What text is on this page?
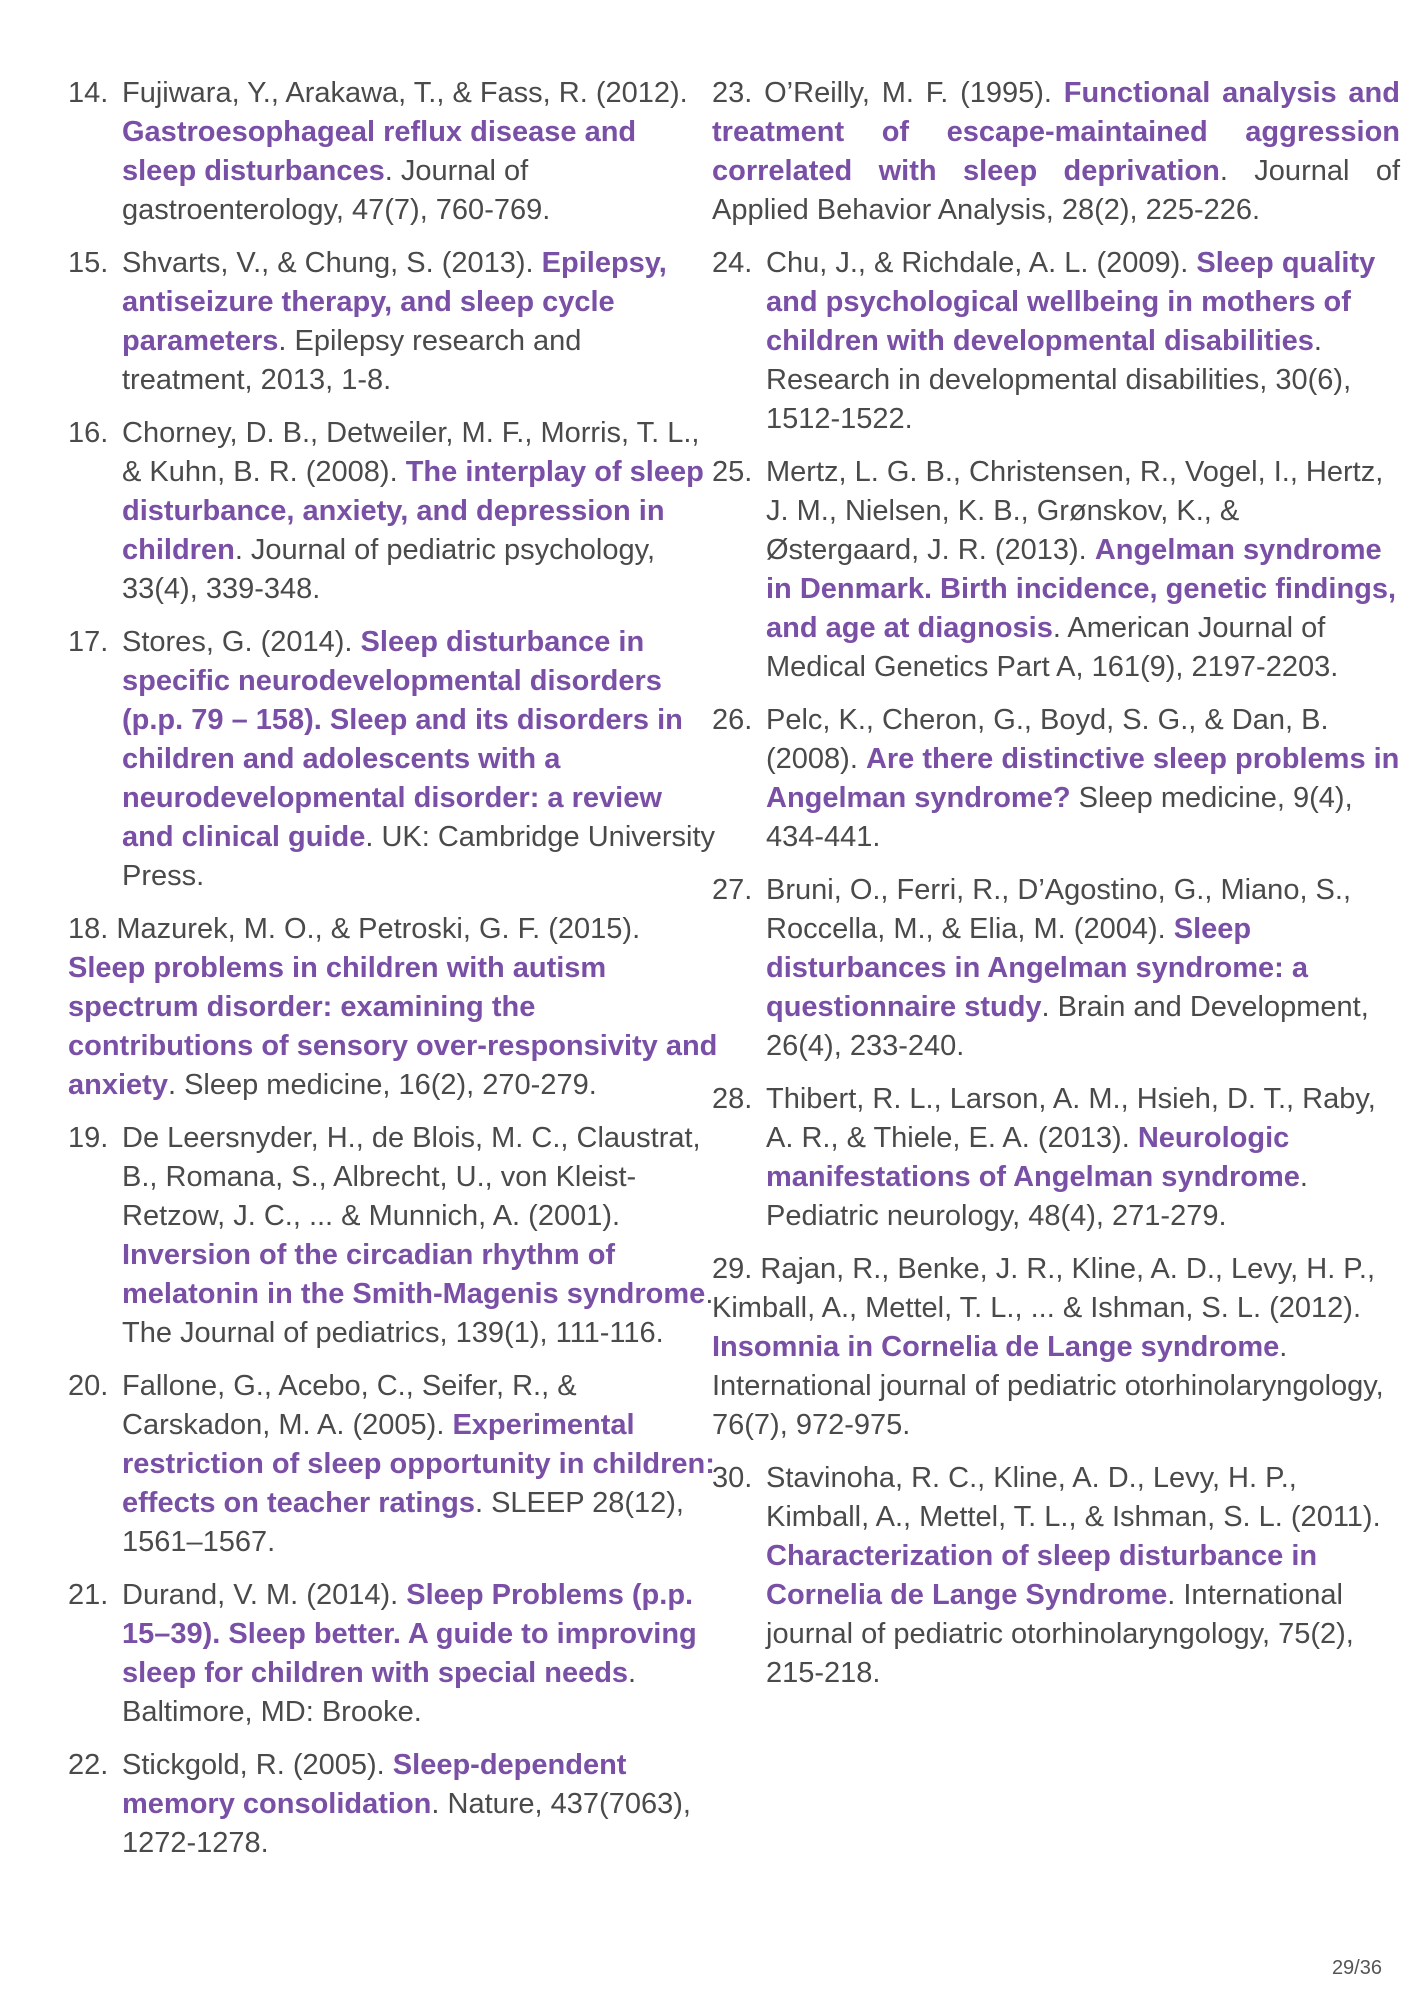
14. Fujiwara, Y., Arakawa, T., & Fass, R. (2012). Gastroesophageal reflux disease and sleep disturbances. Journal of gastroenterology, 47(7), 760-769.
15. Shvarts, V., & Chung, S. (2013). Epilepsy, antiseizure therapy, and sleep cycle parameters. Epilepsy research and treatment, 2013, 1-8.
16. Chorney, D. B., Detweiler, M. F., Morris, T. L., & Kuhn, B. R. (2008). The interplay of sleep disturbance, anxiety, and depression in children. Journal of pediatric psychology, 33(4), 339-348.
17. Stores, G. (2014). Sleep disturbance in specific neurodevelopmental disorders (p.p. 79 – 158). Sleep and its disorders in children and adolescents with a neurodevelopmental disorder: a review and clinical guide. UK: Cambridge University Press.
18. Mazurek, M. O., & Petroski, G. F. (2015). Sleep problems in children with autism spectrum disorder: examining the contributions of sensory over-responsivity and anxiety. Sleep medicine, 16(2), 270-279.
19. De Leersnyder, H., de Blois, M. C., Claustrat, B., Romana, S., Albrecht, U., von Kleist-Retzow, J. C., ... & Munnich, A. (2001). Inversion of the circadian rhythm of melatonin in the Smith-Magenis syndrome. The Journal of pediatrics, 139(1), 111-116.
20. Fallone, G., Acebo, C., Seifer, R., & Carskadon, M. A. (2005). Experimental restriction of sleep opportunity in children: effects on teacher ratings. SLEEP 28(12), 1561–1567.
21. Durand, V. M. (2014). Sleep Problems (p.p. 15–39). Sleep better. A guide to improving sleep for children with special needs. Baltimore, MD: Brooke.
22. Stickgold, R. (2005). Sleep-dependent memory consolidation. Nature, 437(7063), 1272-1278.
23. O’Reilly, M. F. (1995). Functional analysis and treatment of escape-maintained aggression correlated with sleep deprivation. Journal of Applied Behavior Analysis, 28(2), 225-226.
24. Chu, J., & Richdale, A. L. (2009). Sleep quality and psychological wellbeing in mothers of children with developmental disabilities. Research in developmental disabilities, 30(6), 1512-1522.
25. Mertz, L. G. B., Christensen, R., Vogel, I., Hertz, J. M., Nielsen, K. B., Grønskov, K., & Østergaard, J. R. (2013). Angelman syndrome in Denmark. Birth incidence, genetic findings, and age at diagnosis. American Journal of Medical Genetics Part A, 161(9), 2197-2203.
26. Pelc, K., Cheron, G., Boyd, S. G., & Dan, B. (2008). Are there distinctive sleep problems in Angelman syndrome? Sleep medicine, 9(4), 434-441.
27. Bruni, O., Ferri, R., D’Agostino, G., Miano, S., Roccella, M., & Elia, M. (2004). Sleep disturbances in Angelman syndrome: a questionnaire study. Brain and Development, 26(4), 233-240.
28. Thibert, R. L., Larson, A. M., Hsieh, D. T., Raby, A. R., & Thiele, E. A. (2013). Neurologic manifestations of Angelman syndrome. Pediatric neurology, 48(4), 271-279.
29. Rajan, R., Benke, J. R., Kline, A. D., Levy, H. P., Kimball, A., Mettel, T. L., ... & Ishman, S. L. (2012). Insomnia in Cornelia de Lange syndrome. International journal of pediatric otorhinolaryngology, 76(7), 972-975.
30. Stavinoha, R. C., Kline, A. D., Levy, H. P., Kimball, A., Mettel, T. L., & Ishman, S. L. (2011). Characterization of sleep disturbance in Cornelia de Lange Syndrome. International journal of pediatric otorhinolaryngology, 75(2), 215-218.
29/36
